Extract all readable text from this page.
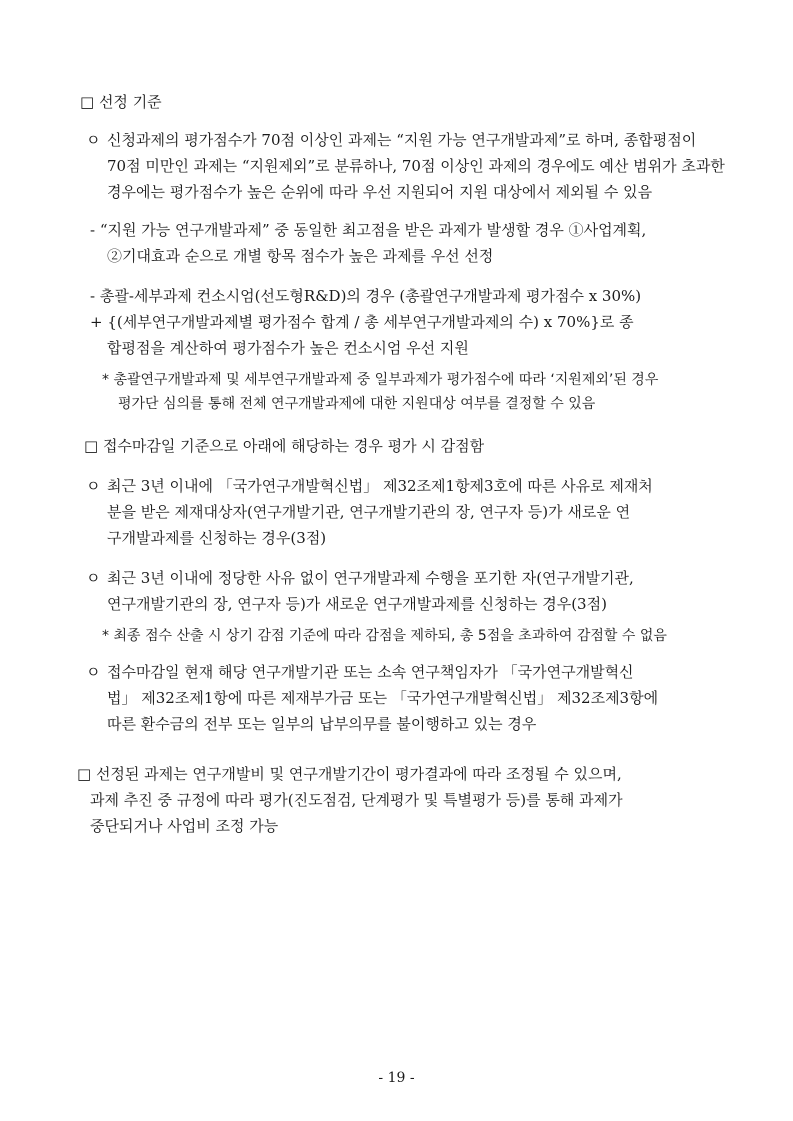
□ 선정 기준
ㅇ 신청과제의 평가점수가 70점 이상인 과제는 “지원 가능 연구개발과제”로 하며, 종합평점이
70점 미만인 과제는 “지원제외”로 분류하나, 70점 이상인 과제의 경우에도 예산 범위가 초과한
경우에는 평가점수가 높은 순위에 따라 우선 지원되어 지원 대상에서 제외될 수 있음
- “지원 가능 연구개발과제” 중 동일한 최고점을 받은 과제가 발생할 경우 ①사업계획,
②기대효과 순으로 개별 항목 점수가 높은 과제를 우선 선정
- 총괄-세부과제 컨소시엄(선도형R&D)의 경우 (총괄연구개발과제 평가점수 x 30%)
+ {(세부연구개발과제별 평가점수 합계 / 총 세부연구개발과제의 수) x 70%}로 종
합평점을 계산하여 평가점수가 높은 컨소시엄 우선 지원
* 총괄연구개발과제 및 세부연구개발과제 중 일부과제가 평가점수에 따라 ‘지원제외’된 경우
평가단 심의를 통해 전체 연구개발과제에 대한 지원대상 여부를 결정할 수 있음
□ 접수마감일 기준으로 아래에 해당하는 경우 평가 시 감점함
ㅇ 최근 3년 이내에 「국가연구개발혁신법」 제32조제1항제3호에 따른 사유로 제재처
분을 받은 제재대상자(연구개발기관, 연구개발기관의 장, 연구자 등)가 새로운 연
구개발과제를 신청하는 경우(3점)
ㅇ 최근 3년 이내에 정당한 사유 없이 연구개발과제 수행을 포기한 자(연구개발기관,
연구개발기관의 장, 연구자 등)가 새로운 연구개발과제를 신청하는 경우(3점)
* 최종 점수 산출 시 상기 감점 기준에 따라 감점을 제하되, 총 5점을 초과하여 감점할 수 없음
ㅇ 접수마감일 현재 해당 연구개발기관 또는 소속 연구책임자가 「국가연구개발혁신
법」 제32조제1항에 따른 제재부가금 또는 「국가연구개발혁신법」 제32조제3항에
따른 환수금의 전부 또는 일부의 납부의무를 불이행하고 있는 경우
□ 선정된 과제는 연구개발비 및 연구개발기간이 평가결과에 따라 조정될 수 있으며,
과제 추진 중 규정에 따라 평가(진도점검, 단계평가 및 특별평가 등)를 통해 과제가
중단되거나 사업비 조정 가능
- 19 -
